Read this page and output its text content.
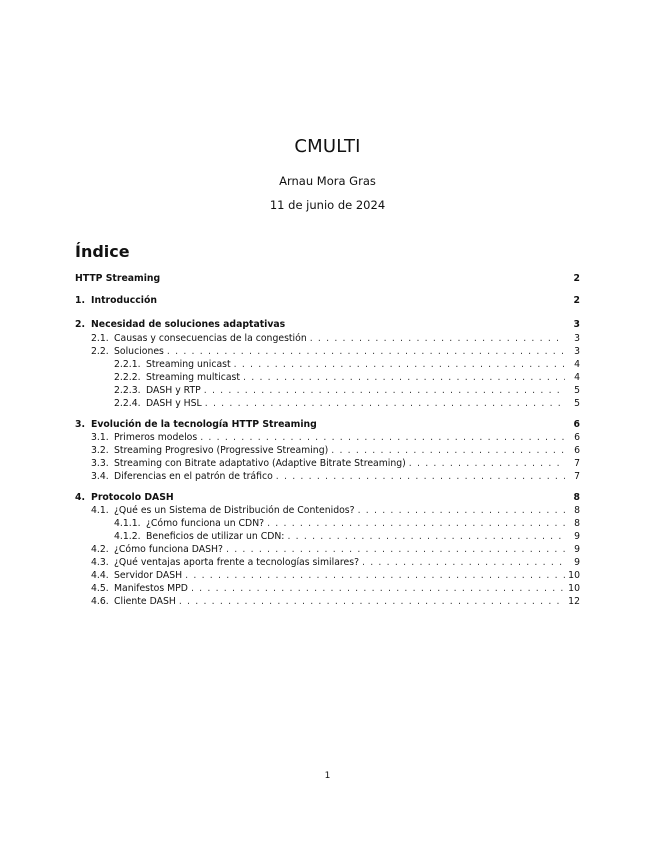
CMULTI
Arnau Mora Gras
11 de junio de 2024
Índice
HTTP Streaming	2
1. Introducción	2
2. Necesidad de soluciones adaptativas	3
2.1. Causas y consecuencias de la congestión . . .	3
2.2. Soluciones . . .	3
2.2.1. Streaming unicast . . .	4
2.2.2. Streaming multicast . . .	4
2.2.3. DASH y RTP . . .	5
2.2.4. DASH y HSL . . .	5
3. Evolución de la tecnología HTTP Streaming	6
3.1. Primeros modelos . . .	6
3.2. Streaming Progresivo (Progressive Streaming) . . .	6
3.3. Streaming con Bitrate adaptativo (Adaptive Bitrate Streaming) . . .	7
3.4. Diferencias en el patrón de tráfico . . .	7
4. Protocolo DASH	8
4.1. ¿Qué es un Sistema de Distribución de Contenidos? . . .	8
4.1.1. ¿Cómo funciona un CDN? . . .	8
4.1.2. Beneficios de utilizar un CDN: . . .	9
4.2. ¿Cómo funciona DASH? . . .	9
4.3. ¿Qué ventajas aporta frente a tecnologías similares? . . .	9
4.4. Servidor DASH . . .	10
4.5. Manifestos MPD . . .	10
4.6. Cliente DASH . . .	12
1
